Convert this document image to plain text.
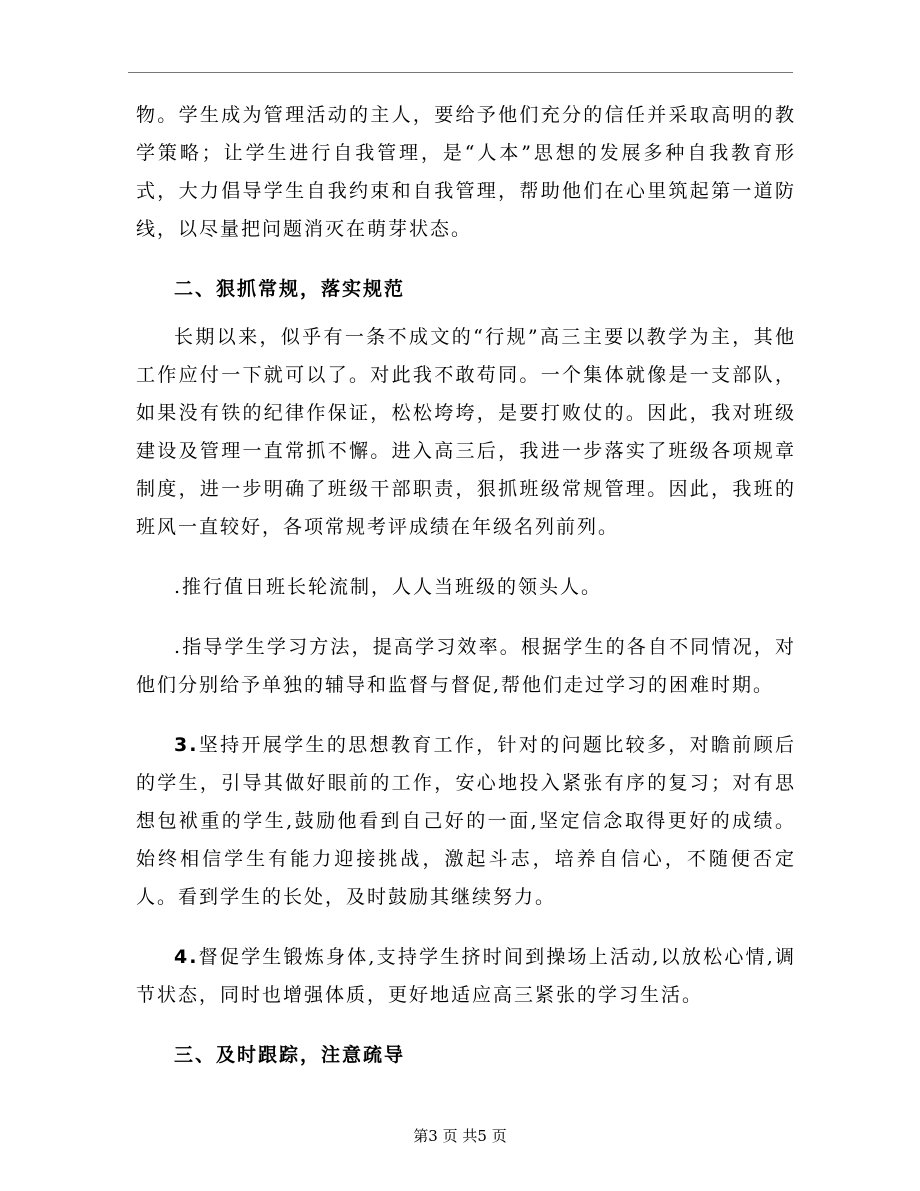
物。学生成为管理活动的主人，要给予他们充分的信任并采取高明的教学策略；让学生进行自我管理，是“人本”思想的发展多种自我教育形式，大力倡导学生自我约束和自我管理，帮助他们在心里筑起第一道防线，以尽量把问题消灭在萌芽状态。

二、狠抓常规，落实规范

长期以来，似乎有一条不成文的“行规”高三主要以教学为主，其他工作应付一下就可以了。对此我不敢苟同。一个集体就像是一支部队，如果没有铁的纪律作保证，松松垮垮，是要打败仗的。因此，我对班级建设及管理一直常抓不懈。进入高三后，我进一步落实了班级各项规章制度，进一步明确了班级干部职责，狠抓班级常规管理。因此，我班的班风一直较好，各项常规考评成绩在年级名列前列。

.推行值日班长轮流制，人人当班级的领头人。

.指导学生学习方法，提高学习效率。根据学生的各自不同情况，对他们分别给予单独的辅导和监督与督促,帮他们走过学习的困难时期。

3.坚持开展学生的思想教育工作，针对的问题比较多，对瞻前顾后的学生，引导其做好眼前的工作，安心地投入紧张有序的复习；对有思想包袱重的学生,鼓励他看到自己好的一面,坚定信念取得更好的成绩。始终相信学生有能力迎接挑战，激起斗志，培养自信心，不随便否定人。看到学生的长处，及时鼓励其继续努力。

4.督促学生锻炼身体,支持学生挤时间到操场上活动,以放松心情,调节状态，同时也增强体质，更好地适应高三紧张的学习生活。

三、及时跟踪，注意疏导

第3 页 共5 页
